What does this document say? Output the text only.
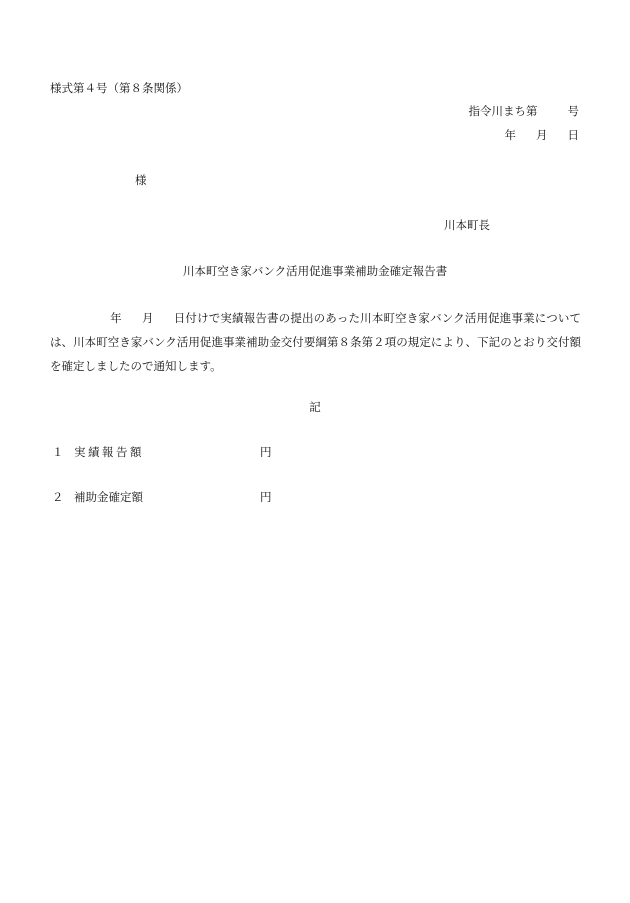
様式第４号（第８条関係）
指令川まち第	号
年 月 日
様
川本町長
川本町空き家バンク活用促進事業補助金確定報告書
年 月 日付けで実績報告書の提出のあった川本町空き家バンク活用促進事業については、川本町空き家バンク活用促進事業補助金交付要綱第８条第２項の規定により、下記のとおり交付額を確定しましたので通知します。
記
１ 実績報告額	円
２ 補助金確定額	円
